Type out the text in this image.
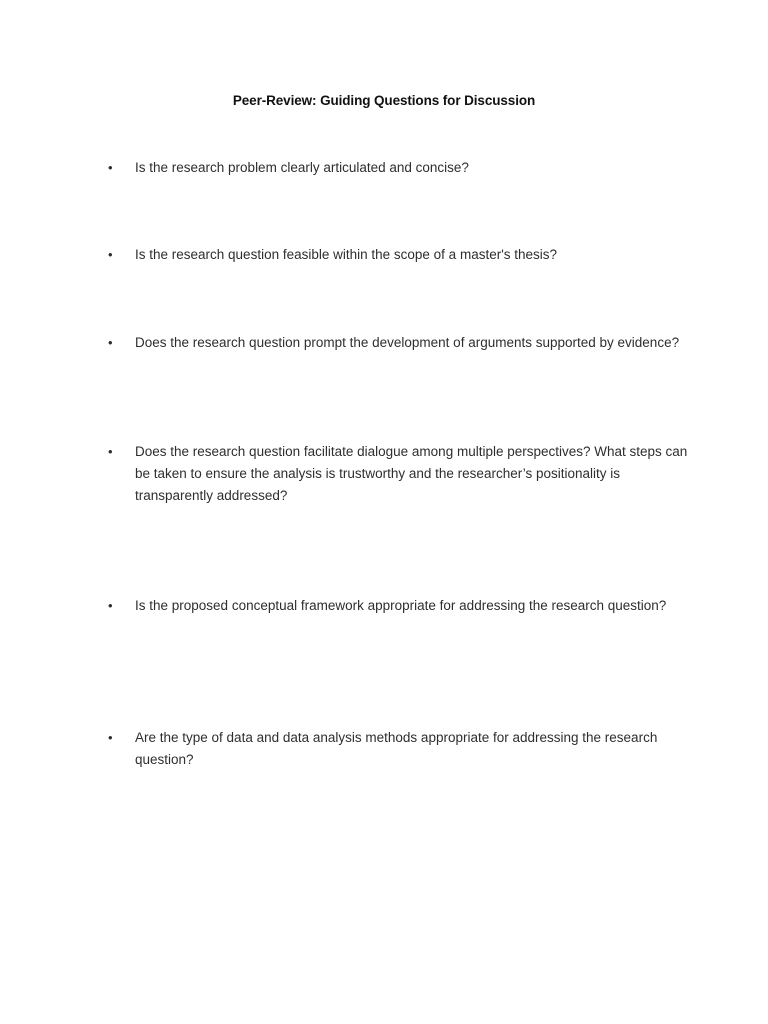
Peer-Review: Guiding Questions for Discussion
•	Is the research problem clearly articulated and concise?
•	Is the research question feasible within the scope of a master's thesis?
•	Does the research question prompt the development of arguments supported by evidence?
•	Does the research question facilitate dialogue among multiple perspectives? What steps can be taken to ensure the analysis is trustworthy and the researcher’s positionality is transparently addressed?
•	Is the proposed conceptual framework appropriate for addressing the research question?
•	Are the type of data and data analysis methods appropriate for addressing the research question?
